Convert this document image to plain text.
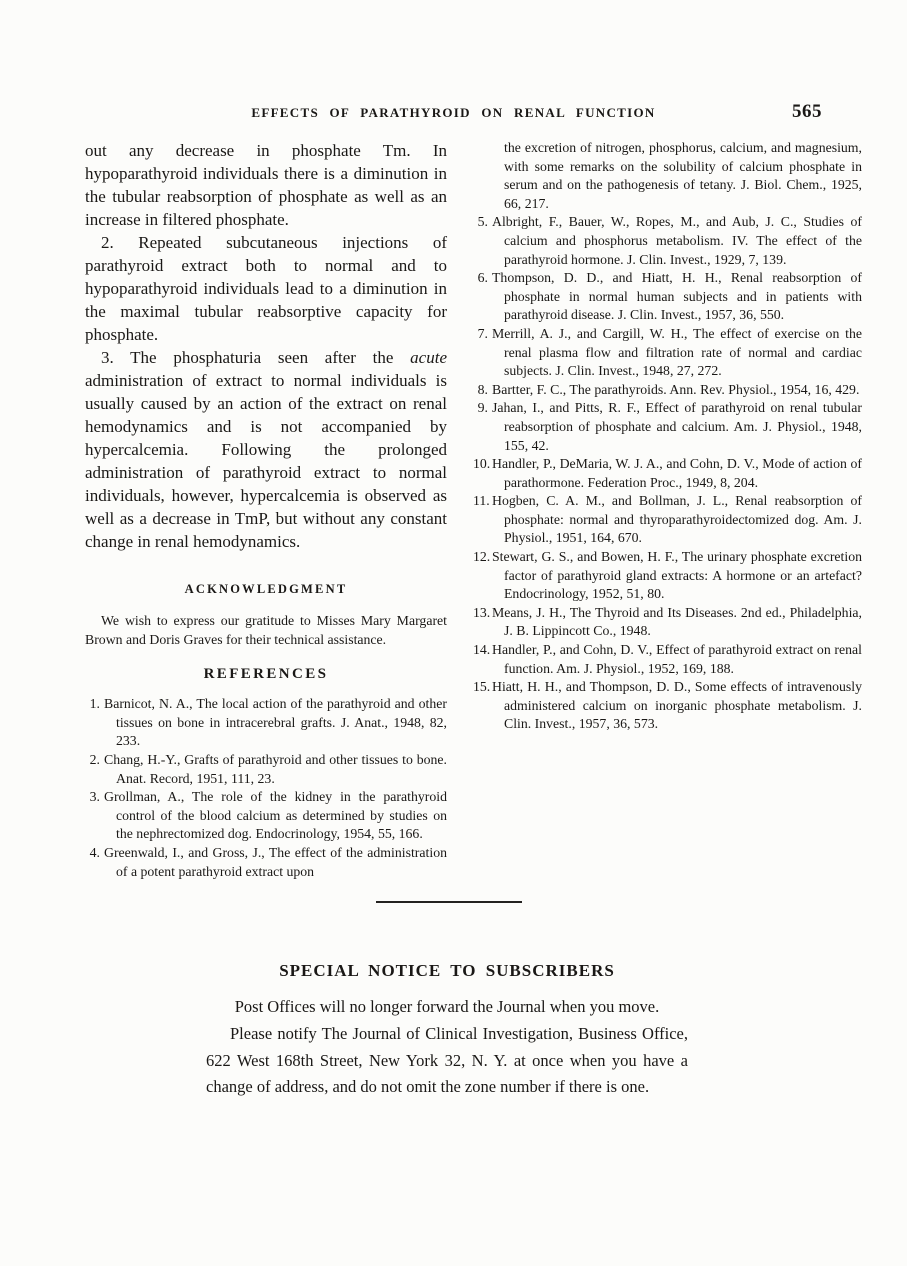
EFFECTS OF PARATHYROID ON RENAL FUNCTION	565

out any decrease in phosphate Tm. In hypoparathyroid individuals there is a diminution in the tubular reabsorption of phosphate as well as an increase in filtered phosphate.

2. Repeated subcutaneous injections of parathyroid extract both to normal and to hypoparathyroid individuals lead to a diminution in the maximal tubular reabsorptive capacity for phosphate.

3. The phosphaturia seen after the acute administration of extract to normal individuals is usually caused by an action of the extract on renal hemodynamics and is not accompanied by hypercalcemia. Following the prolonged administration of parathyroid extract to normal individuals, however, hypercalcemia is observed as well as a decrease in TmP, but without any constant change in renal hemodynamics.

ACKNOWLEDGMENT
We wish to express our gratitude to Misses Mary Margaret Brown and Doris Graves for their technical assistance.
REFERENCES
1. Barnicot, N. A., The local action of the parathyroid and other tissues on bone in intracerebral grafts. J. Anat., 1948, 82, 233.
2. Chang, H.-Y., Grafts of parathyroid and other tissues to bone. Anat. Record, 1951, 111, 23.
3. Grollman, A., The role of the kidney in the parathyroid control of the blood calcium as determined by studies on the nephrectomized dog. Endocrinology, 1954, 55, 166.
4. Greenwald, I., and Gross, J., The effect of the administration of a potent parathyroid extract upon
the excretion of nitrogen, phosphorus, calcium, and magnesium, with some remarks on the solubility of calcium phosphate in serum and on the pathogenesis of tetany. J. Biol. Chem., 1925, 66, 217.
5. Albright, F., Bauer, W., Ropes, M., and Aub, J. C., Studies of calcium and phosphorus metabolism. IV. The effect of the parathyroid hormone. J. Clin. Invest., 1929, 7, 139.
6. Thompson, D. D., and Hiatt, H. H., Renal reabsorption of phosphate in normal human subjects and in patients with parathyroid disease. J. Clin. Invest., 1957, 36, 550.
7. Merrill, A. J., and Cargill, W. H., The effect of exercise on the renal plasma flow and filtration rate of normal and cardiac subjects. J. Clin. Invest., 1948, 27, 272.
8. Bartter, F. C., The parathyroids. Ann. Rev. Physiol., 1954, 16, 429.
9. Jahan, I., and Pitts, R. F., Effect of parathyroid on renal tubular reabsorption of phosphate and calcium. Am. J. Physiol., 1948, 155, 42.
10. Handler, P., DeMaria, W. J. A., and Cohn, D. V., Mode of action of parathormone. Federation Proc., 1949, 8, 204.
11. Hogben, C. A. M., and Bollman, J. L., Renal reabsorption of phosphate: normal and thyroparathyroidectomized dog. Am. J. Physiol., 1951, 164, 670.
12. Stewart, G. S., and Bowen, H. F., The urinary phosphate excretion factor of parathyroid gland extracts: A hormone or an artefact? Endocrinology, 1952, 51, 80.
13. Means, J. H., The Thyroid and Its Diseases. 2nd ed., Philadelphia, J. B. Lippincott Co., 1948.
14. Handler, P., and Cohn, D. V., Effect of parathyroid extract on renal function. Am. J. Physiol., 1952, 169, 188.
15. Hiatt, H. H., and Thompson, D. D., Some effects of intravenously administered calcium on inorganic phosphate metabolism. J. Clin. Invest., 1957, 36, 573.
SPECIAL NOTICE TO SUBSCRIBERS
Post Offices will no longer forward the Journal when you move.
Please notify The Journal of Clinical Investigation, Business Office, 622 West 168th Street, New York 32, N. Y. at once when you have a change of address, and do not omit the zone number if there is one.
